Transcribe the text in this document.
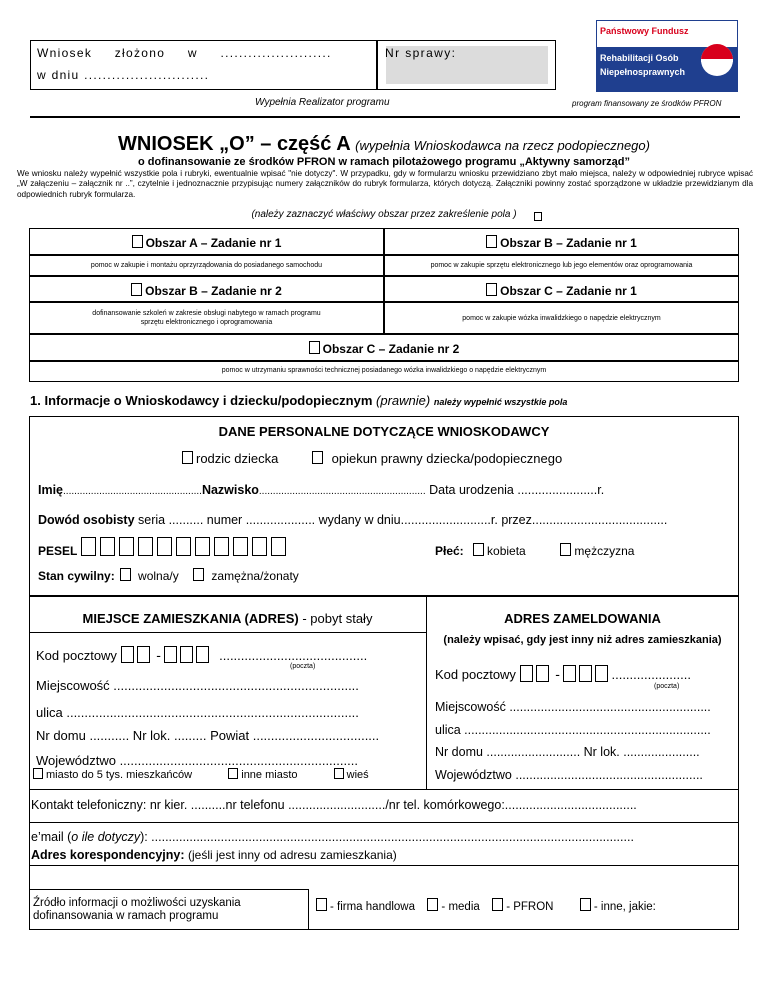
Wniosek złożono w ........................
w dniu ...........................
Nr sprawy:
Wypełnia Realizator programu	program finansowany ze środków PFRON
Państwowy Fundusz
Rehabilitacji Osób
Niepełnosprawnych
WNIOSEK „O” – część A (wypełnia Wnioskodawca na rzecz podopiecznego)
o dofinansowanie ze środków PFRON w ramach pilotażowego programu „Aktywny samorząd”
We wniosku należy wypełnić wszystkie pola i rubryki, ewentualnie wpisać "nie dotyczy". W przypadku, gdy w formularzu wniosku przewidziano zbyt mało miejsca, należy w odpowiedniej rubryce wpisać „W załączeniu – załącznik nr ..”, czytelnie i jednoznacznie przypisując numery załączników do rubryk formularza, których dotyczą. Załączniki powinny zostać sporządzone w układzie przewidzianym dla odpowiednich rubryk formularza.
(należy zaznaczyć właściwy obszar przez zakreślenie pola )
Obszar A – Zadanie nr 1	Obszar B – Zadanie nr 1
pomoc w zakupie i montażu oprzyrządowania do posiadanego samochodu	pomoc w zakupie sprzętu elektronicznego lub jego elementów oraz oprogramowania
Obszar B – Zadanie nr 2	Obszar C – Zadanie nr 1
dofinansowanie szkoleń w zakresie obsługi nabytego w ramach programu sprzętu elektronicznego i oprogramowania
pomoc w zakupie wózka inwalidzkiego o napędzie elektrycznym
Obszar C – Zadanie nr 2
pomoc w utrzymaniu sprawności technicznej posiadanego wózka inwalidzkiego o napędzie elektrycznym
1. Informacje o Wnioskodawcy i dziecku/podopiecznym (prawnie) należy wypełnić wszystkie pola
DANE PERSONALNE DOTYCZĄCE WNIOSKODAWCY
rodzic dziecka	opiekun prawny dziecka/podopiecznego
Imię..................................................Nazwisko............................................................ Data urodzenia .......................r.
Dowód osobisty seria .......... numer .................... wydany w dniu..........................r. przez.......................................
PESEL	Płeć: kobieta	mężczyzna
Stan cywilny: wolna/y	zamężna/żonaty
MIEJSCE ZAMIESZKANIA (ADRES) - pobyt stały
Kod pocztowy	-	.........................................
(poczta)
Miejscowość ....................................................................
ulica .................................................................................
Nr domu ........... Nr lok. ......... Powiat ...................................
Województwo ..................................................................
miasto do 5 tys. mieszkańców	inne miasto	wieś
ADRES ZAMELDOWANIA
(należy wpisać, gdy jest inny niż adres zamieszkania)
Kod pocztowy	-	......................
(poczta)
Miejscowość ..........................................................
ulica .......................................................................
Nr domu ........................... Nr lok. ......................
Województwo ......................................................
Kontakt telefoniczny: nr kier. ..........nr telefonu ............................/nr tel. komórkowego:......................................
e’mail (o ile dotyczy): ...........................................................................................................................................
Adres korespondencyjny: (jeśli jest inny od adresu zamieszkania)
Źródło informacji o możliwości uzyskania dofinansowania w ramach programu
- firma handlowa - media - PFRON	- inne, jakie:
